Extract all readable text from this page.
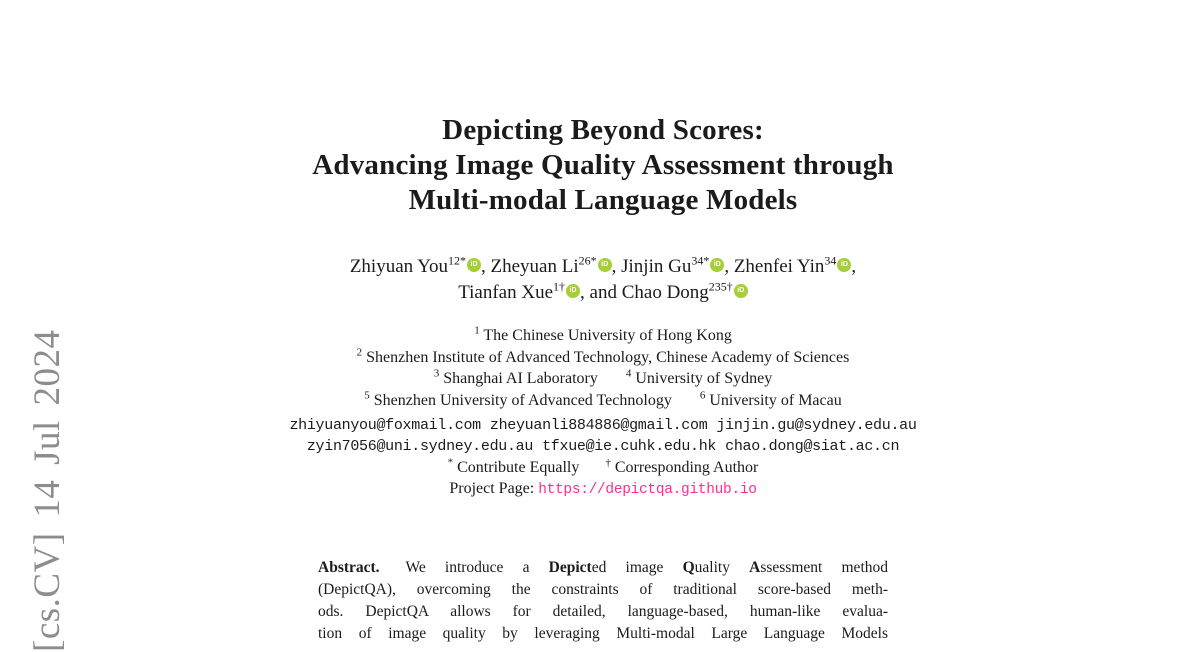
[cs.CV] 14 Jul 2024
Depicting Beyond Scores:
Advancing Image Quality Assessment through
Multi-modal Language Models
Zhiyuan You$^{12*}$ iD , Zheyuan $Li^{26*}$ iD , Jinjin $Gu^{34*}$ iD , Zhenfei Yin$^{34}$ iD ,
Tianfan Xue$^{1\dagger}$ iD , and Chao Dong$^{235\dagger}$ iD
$^1$ The Chinese University of Hong Kong
$^2$ Shenzhen Institute of Advanced Technology, Chinese Academy of Sciences
$^3$ Shanghai AI Laboratory	$^4$ University of Sydney
$^5$ Shenzhen University of Advanced Technology	$^6$ University of Macau
zhiyuanyou@foxmail.com zheyuanli884886@gmail.com jinjin.gu@sydney.edu.au
zyin7056@uni.sydney.edu.au tfxue@ie.cuhk.edu.hk chao.dong@siat.ac.cn
* Contribute Equally † Corresponding Author
Project Page: https://depictqa.github.io
Abstract. We introduce a Depicted image Quality Assessment method
(DepictQA), overcoming the constraints of traditional score-based meth-
ods. DepictQA allows for detailed, language-based, human-like evalua-
tion of image quality by leveraging Multi-modal Large Language Models
